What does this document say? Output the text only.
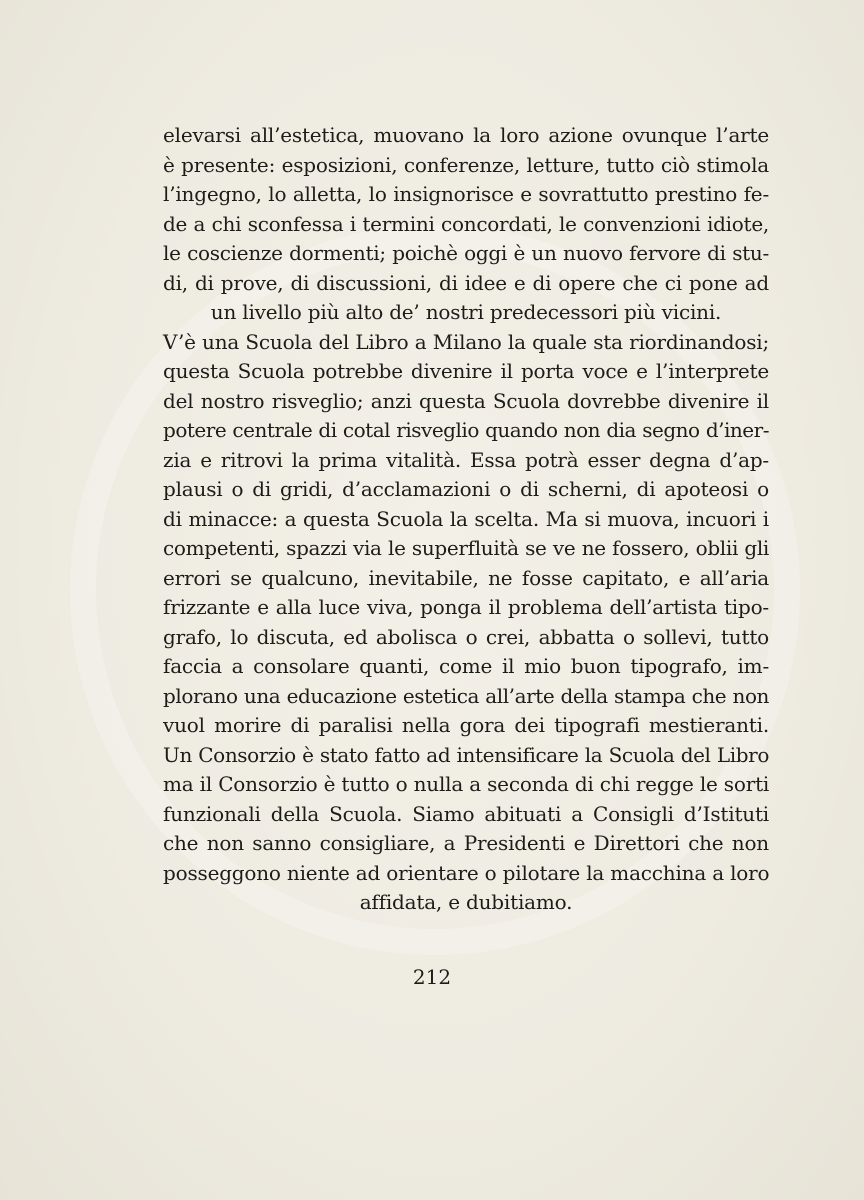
elevarsi all’estetica, muovano la loro azione ovunque l’arte
è presente: esposizioni, conferenze, letture, tutto ciò stimola
l’ingegno, lo alletta, lo insignorisce e sovrattutto prestino fe-
de a chi sconfessa i termini concordati, le convenzioni idiote,
le coscienze dormenti; poichè oggi è un nuovo fervore di stu-
di, di prove, di discussioni, di idee e di opere che ci pone ad
un livello più alto de’ nostri predecessori più vicini.
V’è una Scuola del Libro a Milano la quale sta riordinandosi;
questa Scuola potrebbe divenire il porta voce e l’interprete
del nostro risveglio; anzi questa Scuola dovrebbe divenire il
potere centrale di cotal risveglio quando non dia segno d’iner-
zia e ritrovi la prima vitalità. Essa potrà esser degna d’ap-
plausi o di gridi, d’acclamazioni o di scherni, di apoteosi o
di minacce: a questa Scuola la scelta. Ma si muova, incuori i
competenti, spazzi via le superfluità se ve ne fossero, oblii gli
errori se qualcuno, inevitabile, ne fosse capitato, e all’aria
frizzante e alla luce viva, ponga il problema dell’artista tipo-
grafo, lo discuta, ed abolisca o crei, abbatta o sollevi, tutto
faccia a consolare quanti, come il mio buon tipografo, im-
plorano una educazione estetica all’arte della stampa che non
vuol morire di paralisi nella gora dei tipografi mestieranti.
Un Consorzio è stato fatto ad intensificare la Scuola del Libro
ma il Consorzio è tutto o nulla a seconda di chi regge le sorti
funzionali della Scuola. Siamo abituati a Consigli d’Istituti
che non sanno consigliare, a Presidenti e Direttori che non
posseggono niente ad orientare o pilotare la macchina a loro
affidata, e dubitiamo.
212
